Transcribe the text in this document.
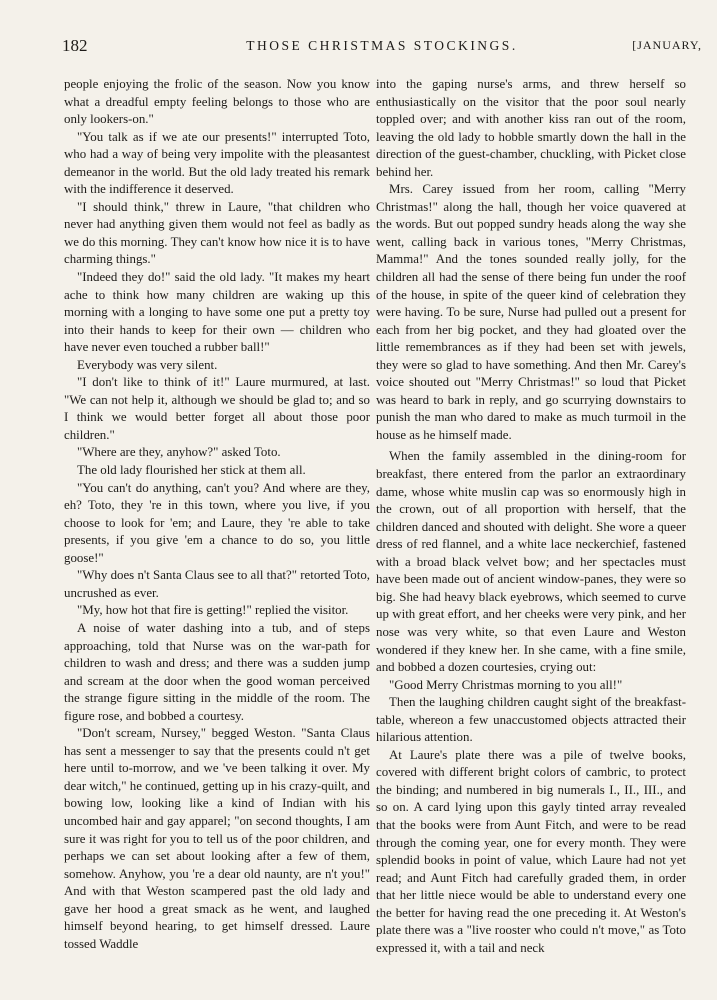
182	THOSE CHRISTMAS STOCKINGS.	[JANUARY,

people enjoying the frolic of the season. Now you know what a dreadful empty feeling belongs to those who are only lookers-on."

"You talk as if we ate our presents!" interrupted Toto, who had a way of being very impolite with the pleasantest demeanor in the world. But the old lady treated his remark with the indifference it deserved.

"I should think," threw in Laure, "that children who never had anything given them would not feel as badly as we do this morning. They can't know how nice it is to have charming things."

"Indeed they do!" said the old lady. "It makes my heart ache to think how many children are waking up this morning with a longing to have some one put a pretty toy into their hands to keep for their own — children who have never even touched a rubber ball!"

Everybody was very silent.

"I don't like to think of it!" Laure murmured, at last. "We can not help it, although we should be glad to; and so I think we would better forget all about those poor children."

"Where are they, anyhow?" asked Toto.

The old lady flourished her stick at them all.

"You can't do anything, can't you? And where are they, eh? Toto, they 're in this town, where you live, if you choose to look for 'em; and Laure, they 're able to take presents, if you give 'em a chance to do so, you little goose!"

"Why does n't Santa Claus see to all that?" retorted Toto, uncrushed as ever.

"My, how hot that fire is getting!" replied the visitor.

A noise of water dashing into a tub, and of steps approaching, told that Nurse was on the war-path for children to wash and dress; and there was a sudden jump and scream at the door when the good woman perceived the strange figure sitting in the middle of the room. The figure rose, and bobbed a courtesy.

"Don't scream, Nursey," begged Weston. "Santa Claus has sent a messenger to say that the presents could n't get here until to-morrow, and we 've been talking it over. My dear witch," he continued, getting up in his crazy-quilt, and bowing low, looking like a kind of Indian with his uncombed hair and gay apparel; "on second thoughts, I am sure it was right for you to tell us of the poor children, and perhaps we can set about looking after a few of them, somehow. Anyhow, you 're a dear old naunty, are n't you!" And with that Weston scampered past the old lady and gave her hood a great smack as he went, and laughed himself beyond hearing, to get himself dressed. Laure tossed Waddle

into the gaping nurse's arms, and threw herself so enthusiastically on the visitor that the poor soul nearly toppled over; and with another kiss ran out of the room, leaving the old lady to hobble smartly down the hall in the direction of the guest-chamber, chuckling, with Picket close behind her.

Mrs. Carey issued from her room, calling "Merry Christmas!" along the hall, though her voice quavered at the words. But out popped sundry heads along the way she went, calling back in various tones, "Merry Christmas, Mamma!" And the tones sounded really jolly, for the children all had the sense of there being fun under the roof of the house, in spite of the queer kind of celebration they were having. To be sure, Nurse had pulled out a present for each from her big pocket, and they had gloated over the little remembrances as if they had been set with jewels, they were so glad to have something. And then Mr. Carey's voice shouted out "Merry Christmas!" so loud that Picket was heard to bark in reply, and go scurrying downstairs to punish the man who dared to make as much turmoil in the house as he himself made.

When the family assembled in the dining-room for breakfast, there entered from the parlor an extraordinary dame, whose white muslin cap was so enormously high in the crown, out of all proportion with herself, that the children danced and shouted with delight. She wore a queer dress of red flannel, and a white lace neckerchief, fastened with a broad black velvet bow; and her spectacles must have been made out of ancient window-panes, they were so big. She had heavy black eyebrows, which seemed to curve up with great effort, and her cheeks were very pink, and her nose was very white, so that even Laure and Weston wondered if they knew her. In she came, with a fine smile, and bobbed a dozen courtesies, crying out:

"Good Merry Christmas morning to you all!"

Then the laughing children caught sight of the breakfast-table, whereon a few unaccustomed objects attracted their hilarious attention.

At Laure's plate there was a pile of twelve books, covered with different bright colors of cambric, to protect the binding; and numbered in big numerals I., II., III., and so on. A card lying upon this gayly tinted array revealed that the books were from Aunt Fitch, and were to be read through the coming year, one for every month. They were splendid books in point of value, which Laure had not yet read; and Aunt Fitch had carefully graded them, in order that her little niece would be able to understand every one the better for having read the one preceding it. At Weston's plate there was a "live rooster who could n't move," as Toto expressed it, with a tail and neck
